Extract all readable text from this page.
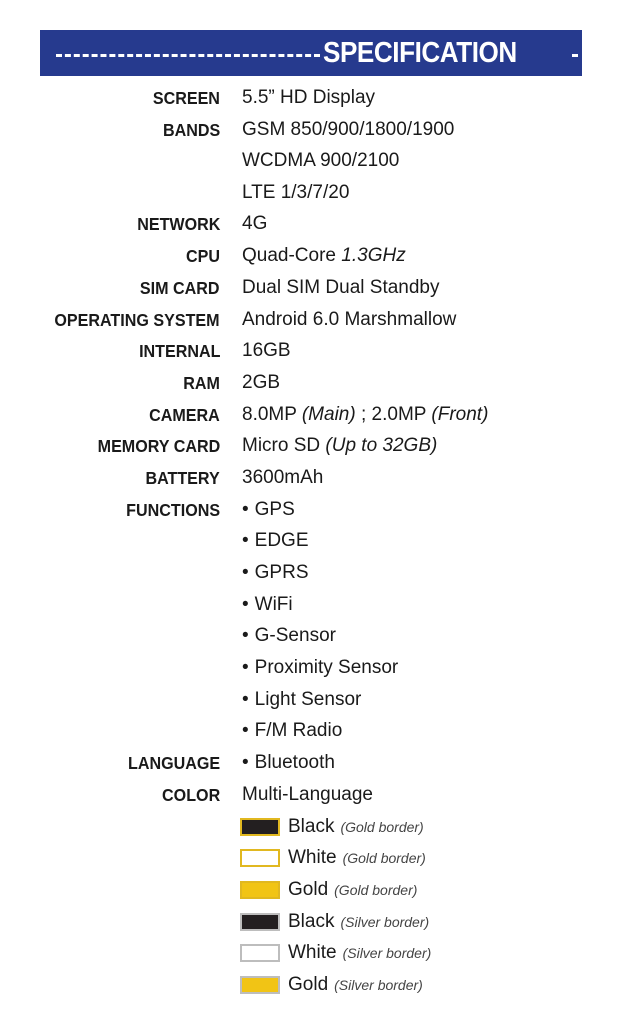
SPECIFICATION
SCREEN
BANDS
NETWORK
CPU
SIM CARD
OPERATING SYSTEM
INTERNAL
RAM
CAMERA
MEMORY CARD
BATTERY
FUNCTIONS
LANGUAGE
COLOR
5.5” HD Display
GSM 850/900/1800/1900
WCDMA 900/2100
LTE 1/3/7/20
4G
Quad-Core 1.3GHz
Dual SIM Dual Standby
Android 6.0 Marshmallow
16GB
2GB
8.0MP (Main) ; 2.0MP (Front)
Micro SD (Up to 32GB)
3600mAh
• GPS
• EDGE
• GPRS
• WiFi
• G-Sensor
• Proximity Sensor
• Light Sensor
• F/M Radio
• Bluetooth
Multi-Language
Black (Gold border)
White (Gold border)
Gold (Gold border)
Black (Silver border)
White (Silver border)
Gold (Silver border)
